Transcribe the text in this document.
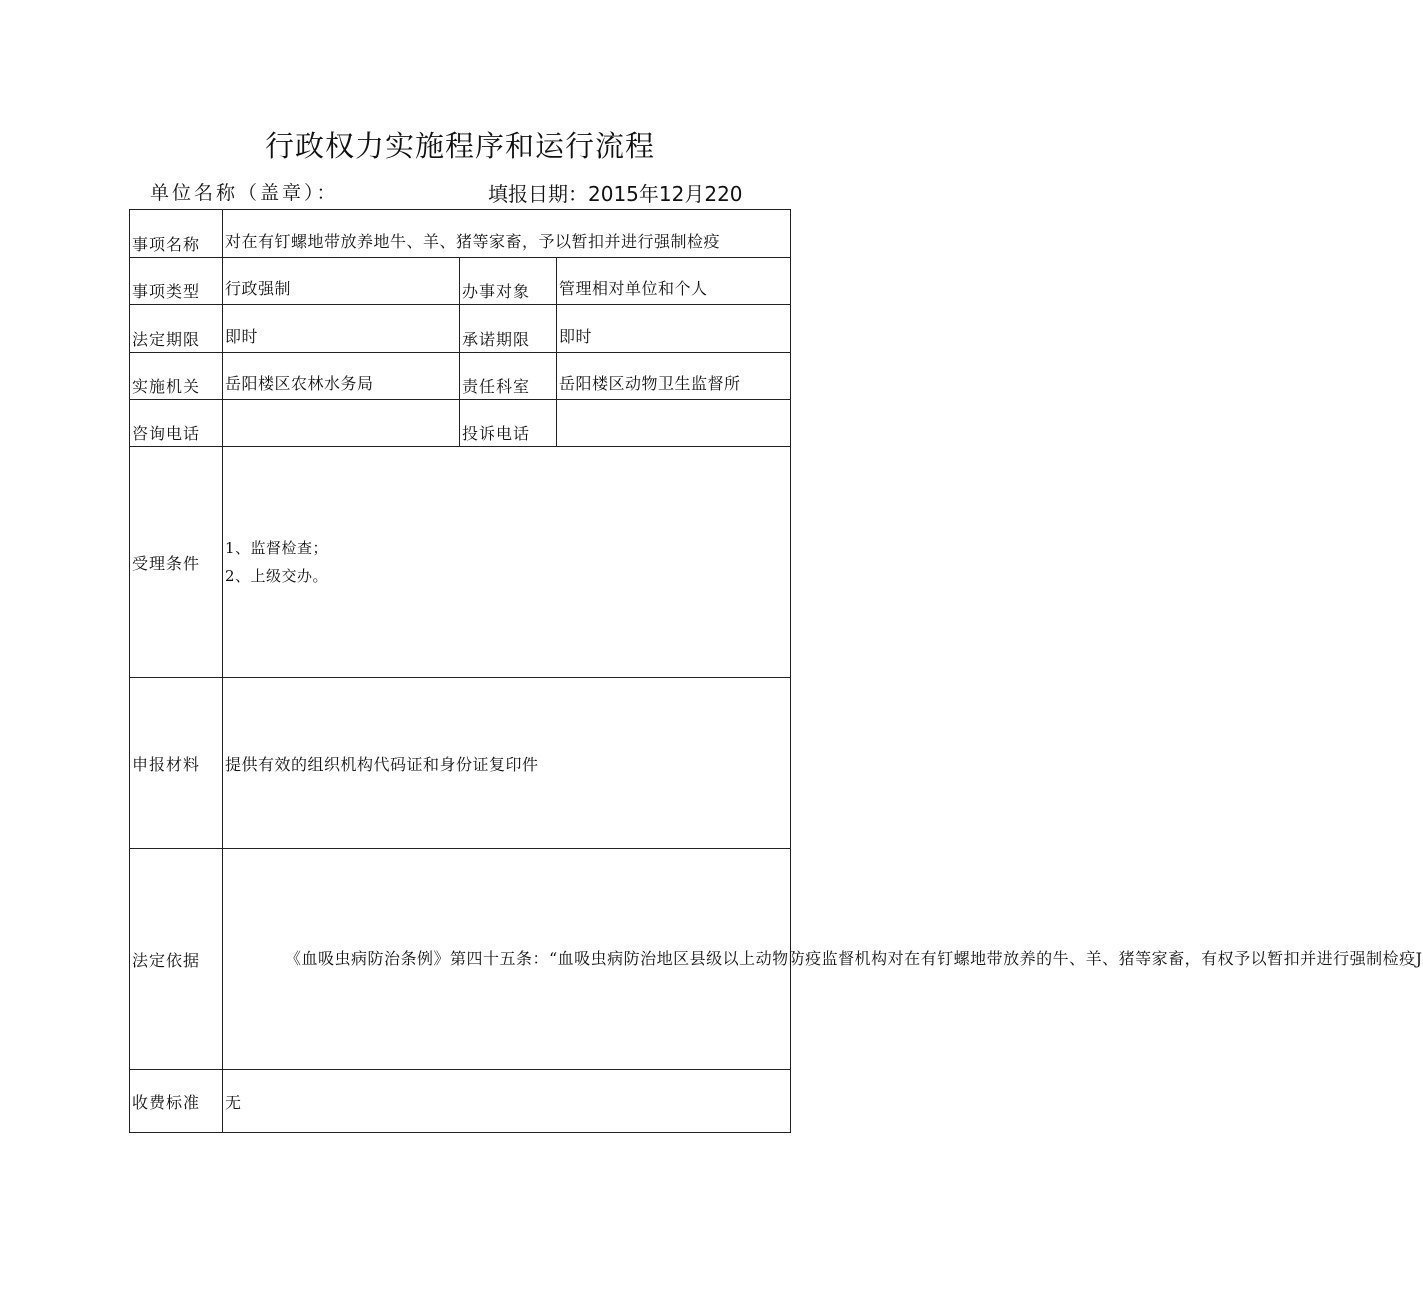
行政权力实施程序和运行流程
单位名称（盖章）：	填报日期：2015年12月220
事项名称	对在有钉螺地带放养地牛、羊、猪等家畜，予以暂扣并进行强制检疫		
事项类型	行政强制	办事对象	管理相对单位和个人
法定期限	即时	承诺期限	即时
实施机关	岳阳楼区农林水务局	责任科室	岳阳楼区动物卫生监督所
咨询电话		投诉电话	
受理条件	1、监督检查；
2、上级交办。		

申报材料	提供有效的组织机构代码证和身份证复印件		
法定依据	《血吸虫病防治条例》第四十五条：“血吸虫病防治地区县级以上动物防疫监督机构对在有钉螺地带放养的牛、羊、猪等家畜，有权予以暂扣并进行强制检疫J		
收费标准	无		
